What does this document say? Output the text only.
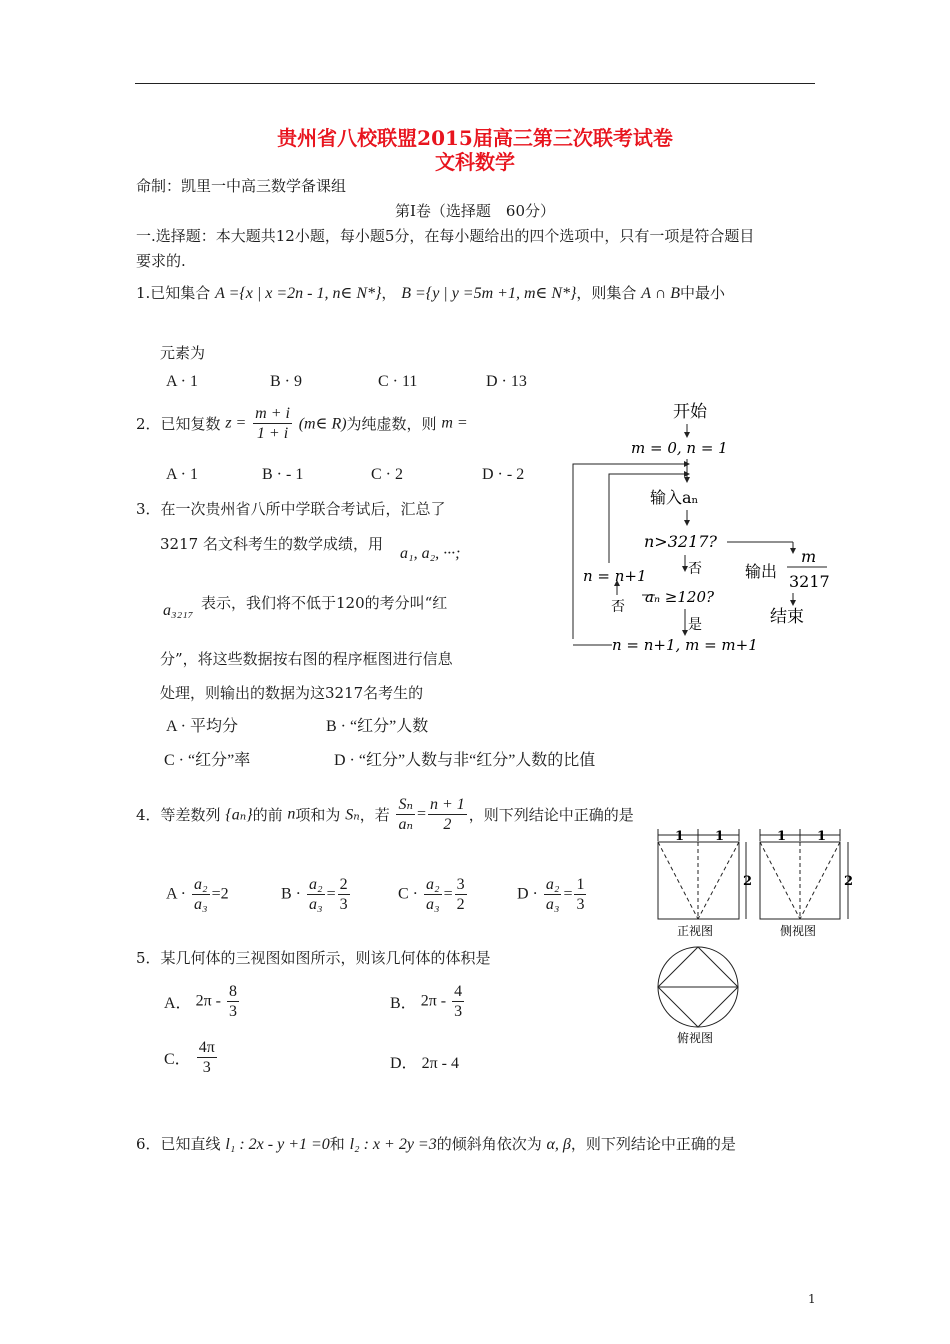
贵州省八校联盟2015届高三第三次联考试卷
文科数学
命制：凯里一中高三数学备课组
第Ⅰ卷（选择题　60分）
一.选择题：本大题共12小题，每小题5分，在每小题给出的四个选项中，只有一项是符合题目
要求的.
1.已知集合 A ={x | x =2n - 1, n∈ N*}， B ={y | y =5m +1, m∈ N*}，则集合 A ∩ B中最小
元素为
A · 1	B · 9	C · 11	D · 13
2．已知复数 $z = \frac{m + i}{1 + i}$ (m∈ R)为纯虚数，则 m =
A · 1	B · - 1	C · 2	D · - 2
3．在一次贵州省八所中学联合考试后，汇总了
3217 名文科考生的数学成绩，用
a₁, a₂, ···;
a₃₂₁₇ 表示，我们将不低于120的考分叫“红
分”，将这些数据按右图的程序框图进行信息
处理，则输出的数据为这3217名考生的
A · 平均分	B · “红分”人数
C · “红分”率	D · “红分”人数与非“红分”人数的比值
开始
m = 0, n = 1
输入aₙ
n>3217?
否
n = n+1
否
aₙ ≥120?
是
n = n+1, m = m+1
输出
m
3217
结束
4．等差数列 {aₙ}的前 n项和为 Sₙ，若 $\frac{\text{Sₙ}}{\text{aₙ}} = \frac{n + 1}{2}$ ，则下列结论中正确的是
$A \cdot \frac{\text{a₂}}{\text{a₃}} =2$	$B \cdot \frac{\text{a₂}}{\text{a₃}} = \frac{2}{3}$	$C \cdot \frac{\text{a₂}}{\text{a₃}} = \frac{3}{2}$	$D \cdot \frac{\text{a₂}}{\text{a₃}} = \frac{1}{3}$
1 1
2
正视图
1 1
2
侧视图
俯视图
5．某几何体的三视图如图所示，则该几何体的体积是
A． $2\pi - \frac{8}{3}$	B． $2\pi - \frac{4}{3}$
C． $\frac{4\pi}{3}$	D． 2π - 4
6．已知直线 l₁ : 2x - y +1 =0和 l₂ : x + 2y =3的倾斜角依次为 α, β，则下列结论中正确的是
1
